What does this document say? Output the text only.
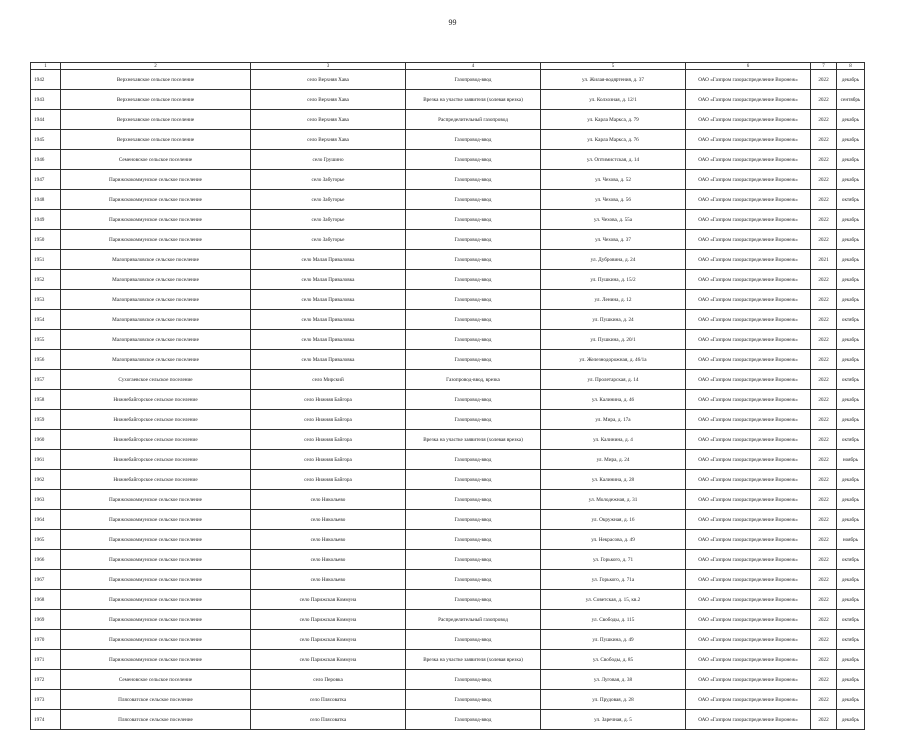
99
1	2	3	4	5	6	7	8
1942	Верхнехавское сельское поселение	село Верхняя Хава	Газопровод-ввод	ул. Жилая-водяртения, д. 37	ОАО «Газпром газораспределение Воронеж»	2022	декабрь
1943	Верхнехавское сельское поселение	село Верхняя Хава	Врезка на участке заявителя (холевая врезка)	ул. Колхозная, д. 12/1	ОАО «Газпром газораспределение Воронеж»	2022	сентябрь
1944	Верхнехавское сельское поселение	село Верхняя Хава	Распределительный газопровод	ул. Карла Маркса, д. 79	ОАО «Газпром газораспределение Воронеж»	2022	декабрь
1945	Верхнехавское сельское поселение	село Верхняя Хава	Газопровод-ввод	ул. Карла Маркса, д. 76	ОАО «Газпром газораспределение Воронеж»	2022	декабрь
1946	Семеновское сельское поселение	село Грушино	Газопровод-ввод	ул. Оптимистская, д. 14	ОАО «Газпром газораспределение Воронеж»	2022	декабрь
1947	Парижскокоммунское сельское поселение	село Забугорье	Газопровод-ввод	ул. Чехова, д. 52	ОАО «Газпром газораспределение Воронеж»	2022	декабрь
1948	Парижскокоммунское сельское поселение	село Забугорье	Газопровод-ввод	ул. Чехова, д. 56	ОАО «Газпром газораспределение Воронеж»	2022	октябрь
1949	Парижскокоммунское сельское поселение	село Забугорье	Газопровод-ввод	ул. Чехова, д. 55а	ОАО «Газпром газораспределение Воронеж»	2022	декабрь
1950	Парижскокоммунское сельское поселение	село Забугорье	Газопровод-ввод	ул. Чехова, д. 37	ОАО «Газпром газораспределение Воронеж»	2022	декабрь
1951	Малоприваловское сельское поселение	село Малая Приваловка	Газопровод-ввод	ул. Дубровина, д. 24	ОАО «Газпром газораспределение Воронеж»	2021	декабрь
1952	Малоприваловское сельское поселение	село Малая Приваловка	Газопровод-ввод	ул. Пушкина, д. 15/2	ОАО «Газпром газораспределение Воронеж»	2022	декабрь
1953	Малоприваловское сельское поселение	село Малая Приваловка	Газопровод-ввод	ул. Ленина, д. 12	ОАО «Газпром газораспределение Воронеж»	2022	декабрь
1954	Малоприваловское сельское поселение	село Малая Приваловка	Газопровод-ввод	ул. Пушкина, д. 24	ОАО «Газпром газораспределение Воронеж»	2022	октябрь
1955	Малоприваловское сельское поселение	село Малая Приваловка	Газопровод-ввод	ул. Пушкина, д. 20/1	ОАО «Газпром газораспределение Воронеж»	2022	декабрь
1956	Малоприваловское сельское поселение	село Малая Приваловка	Газопровод-ввод	ул. Железнодорожная, д. 46/1а	ОАО «Газпром газораспределение Воронеж»	2022	декабрь
1957	Сухогаевское сельское поселение	село Мирский	Газопровод-ввод, врезка	ул. Пролетарская, д. 14	ОАО «Газпром газораспределение Воронеж»	2022	октябрь
1958	Нижнебайгорское сельское поселение	село Нижняя Байгора	Газопровод-ввод	ул. Калинина, д. 46	ОАО «Газпром газораспределение Воронеж»	2022	декабрь
1959	Нижнебайгорское сельское поселение	село Нижняя Байгора	Газопровод-ввод	ул. Мира, д. 17а	ОАО «Газпром газораспределение Воронеж»	2022	декабрь
1960	Нижнебайгорское сельское поселение	село Нижняя Байгора	Врезка на участке заявителя (холевая врезка)	ул. Калинина, д. 4	ОАО «Газпром газораспределение Воронеж»	2022	октябрь
1961	Нижнебайгорское сельское поселение	село Нижняя Байгора	Газопровод-ввод	ул. Мира, д. 24	ОАО «Газпром газораспределение Воронеж»	2022	ноябрь
1962	Нижнебайгорское сельское поселение	село Нижняя Байгора	Газопровод-ввод	ул. Калинина, д. 28	ОАО «Газпром газораспределение Воронеж»	2022	декабрь
1963	Парижскокоммунское сельское поселение	село Никольево	Газопровод-ввод	ул. Молодежная, д. 31	ОАО «Газпром газораспределение Воронеж»	2022	декабрь
1964	Парижскокоммунское сельское поселение	село Никольево	Газопровод-ввод	ул. Окружная, д. 16	ОАО «Газпром газораспределение Воронеж»	2022	декабрь
1965	Парижскокоммунское сельское поселение	село Никольево	Газопровод-ввод	ул. Некрасова, д. 49	ОАО «Газпром газораспределение Воронеж»	2022	ноябрь
1966	Парижскокоммунское сельское поселение	село Никольево	Газопровод-ввод	ул. Горького, д. 71	ОАО «Газпром газораспределение Воронеж»	2022	октябрь
1967	Парижскокоммунское сельское поселение	село Никольево	Газопровод-ввод	ул. Горького, д. 71а	ОАО «Газпром газораспределение Воронеж»	2022	декабрь
1968	Парижскокоммунское сельское поселение	село Парижская Коммуна	Газопровод-ввод	ул. Советская, д. 15, кв.2	ОАО «Газпром газораспределение Воронеж»	2022	декабрь
1969	Парижскокоммунское сельское поселение	село Парижская Коммуна	Распределительный газопровод	ул. Свободы, д. 115	ОАО «Газпром газораспределение Воронеж»	2022	октябрь
1970	Парижскокоммунское сельское поселение	село Парижская Коммуна	Газопровод-ввод	ул. Пушкина, д. 49	ОАО «Газпром газораспределение Воронеж»	2022	октябрь
1971	Парижскокоммунское сельское поселение	село Парижская Коммуна	Врезка на участке заявителя (холевая врезка)	ул. Свободы, д. 85	ОАО «Газпром газораспределение Воронеж»	2022	декабрь
1972	Семеновское сельское поселение	село Перовка	Газопровод-ввод	ул. Луговая, д. 38	ОАО «Газпром газораспределение Воронеж»	2022	декабрь
1973	Плясоватское сельское поселение	село Плясоватка	Газопровод-ввод	ул. Прудовая, д. 28	ОАО «Газпром газораспределение Воронеж»	2022	декабрь
1974	Плясоватское сельское поселение	село Плясоватка	Газопровод-ввод	ул. Заречная, д. 5	ОАО «Газпром газораспределение Воронеж»	2022	декабрь
